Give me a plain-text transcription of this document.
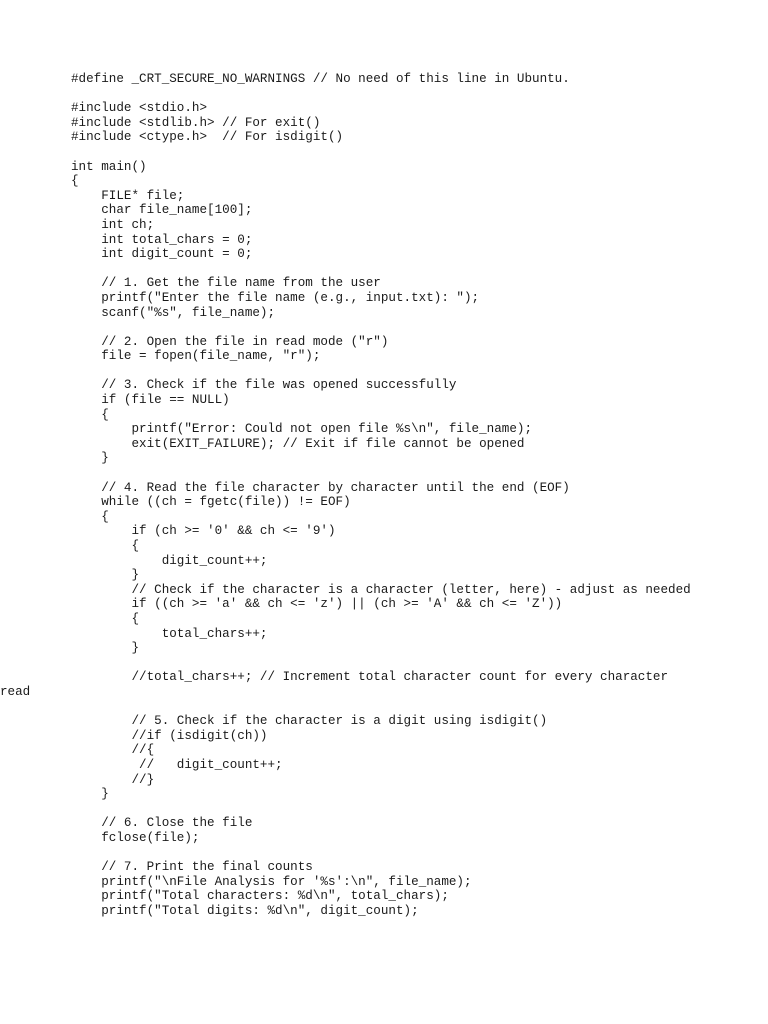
#define _CRT_SECURE_NO_WARNINGS // No need of this line in Ubuntu.
#include <stdio.h>
#include <stdlib.h> // For exit()
#include <ctype.h>  // For isdigit()
int main()
{
FILE* file;
char file_name[100];
int ch;
int total_chars = 0;
int digit_count = 0;
// 1. Get the file name from the user
printf("Enter the file name (e.g., input.txt): ");
scanf("%s", file_name);
// 2. Open the file in read mode ("r")
file = fopen(file_name, "r");
// 3. Check if the file was opened successfully
if (file == NULL)
{
printf("Error: Could not open file %s\n", file_name);
exit(EXIT_FAILURE); // Exit if file cannot be opened
}
// 4. Read the file character by character until the end (EOF)
while ((ch = fgetc(file)) != EOF)
{
if (ch >= '0' && ch <= '9')
{
digit_count++;
}
// Check if the character is a character (letter, here) - adjust as needed
if ((ch >= 'a' && ch <= 'z') || (ch >= 'A' && ch <= 'Z'))
{
total_chars++;
}
//total_chars++; // Increment total character count for every character
read
// 5. Check if the character is a digit using isdigit()
//if (isdigit(ch))
//{
//   digit_count++;
//}
}
// 6. Close the file
fclose(file);
// 7. Print the final counts
printf("\nFile Analysis for '%s':\n", file_name);
printf("Total characters: %d\n", total_chars);
printf("Total digits: %d\n", digit_count);
